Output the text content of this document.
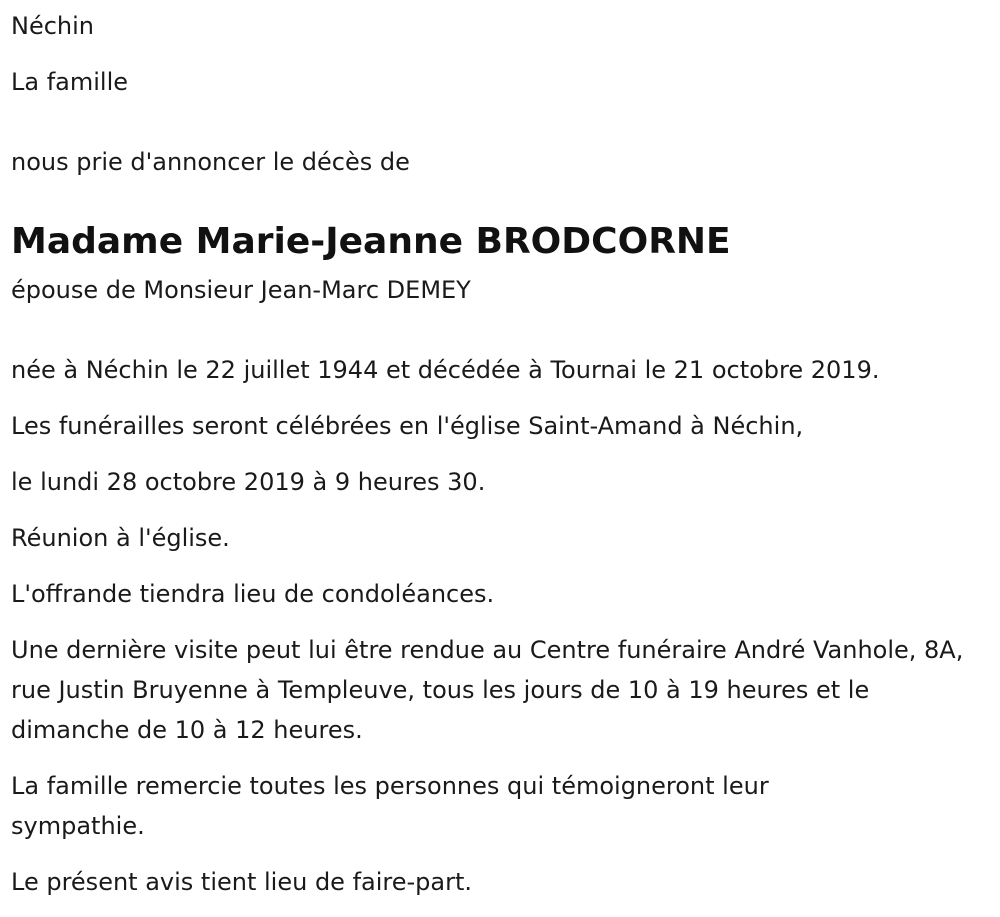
Néchin

La famille

nous prie d'annoncer le décès de

Madame Marie-Jeanne BRODCORNE

épouse de Monsieur Jean-Marc DEMEY

née à Néchin le 22 juillet 1944 et décédée à Tournai le 21 octobre 2019.

Les funérailles seront célébrées en l'église Saint-Amand à Néchin,

le lundi 28 octobre 2019 à 9 heures 30.

Réunion à l'église.

L'offrande tiendra lieu de condoléances.

Une dernière visite peut lui être rendue au Centre funéraire André Vanhole, 8A, rue Justin Bruyenne à Templeuve, tous les jours de 10 à 19 heures et le dimanche de 10 à 12 heures.

La famille remercie toutes les personnes qui témoigneront leur sympathie.

Le présent avis tient lieu de faire-part.
